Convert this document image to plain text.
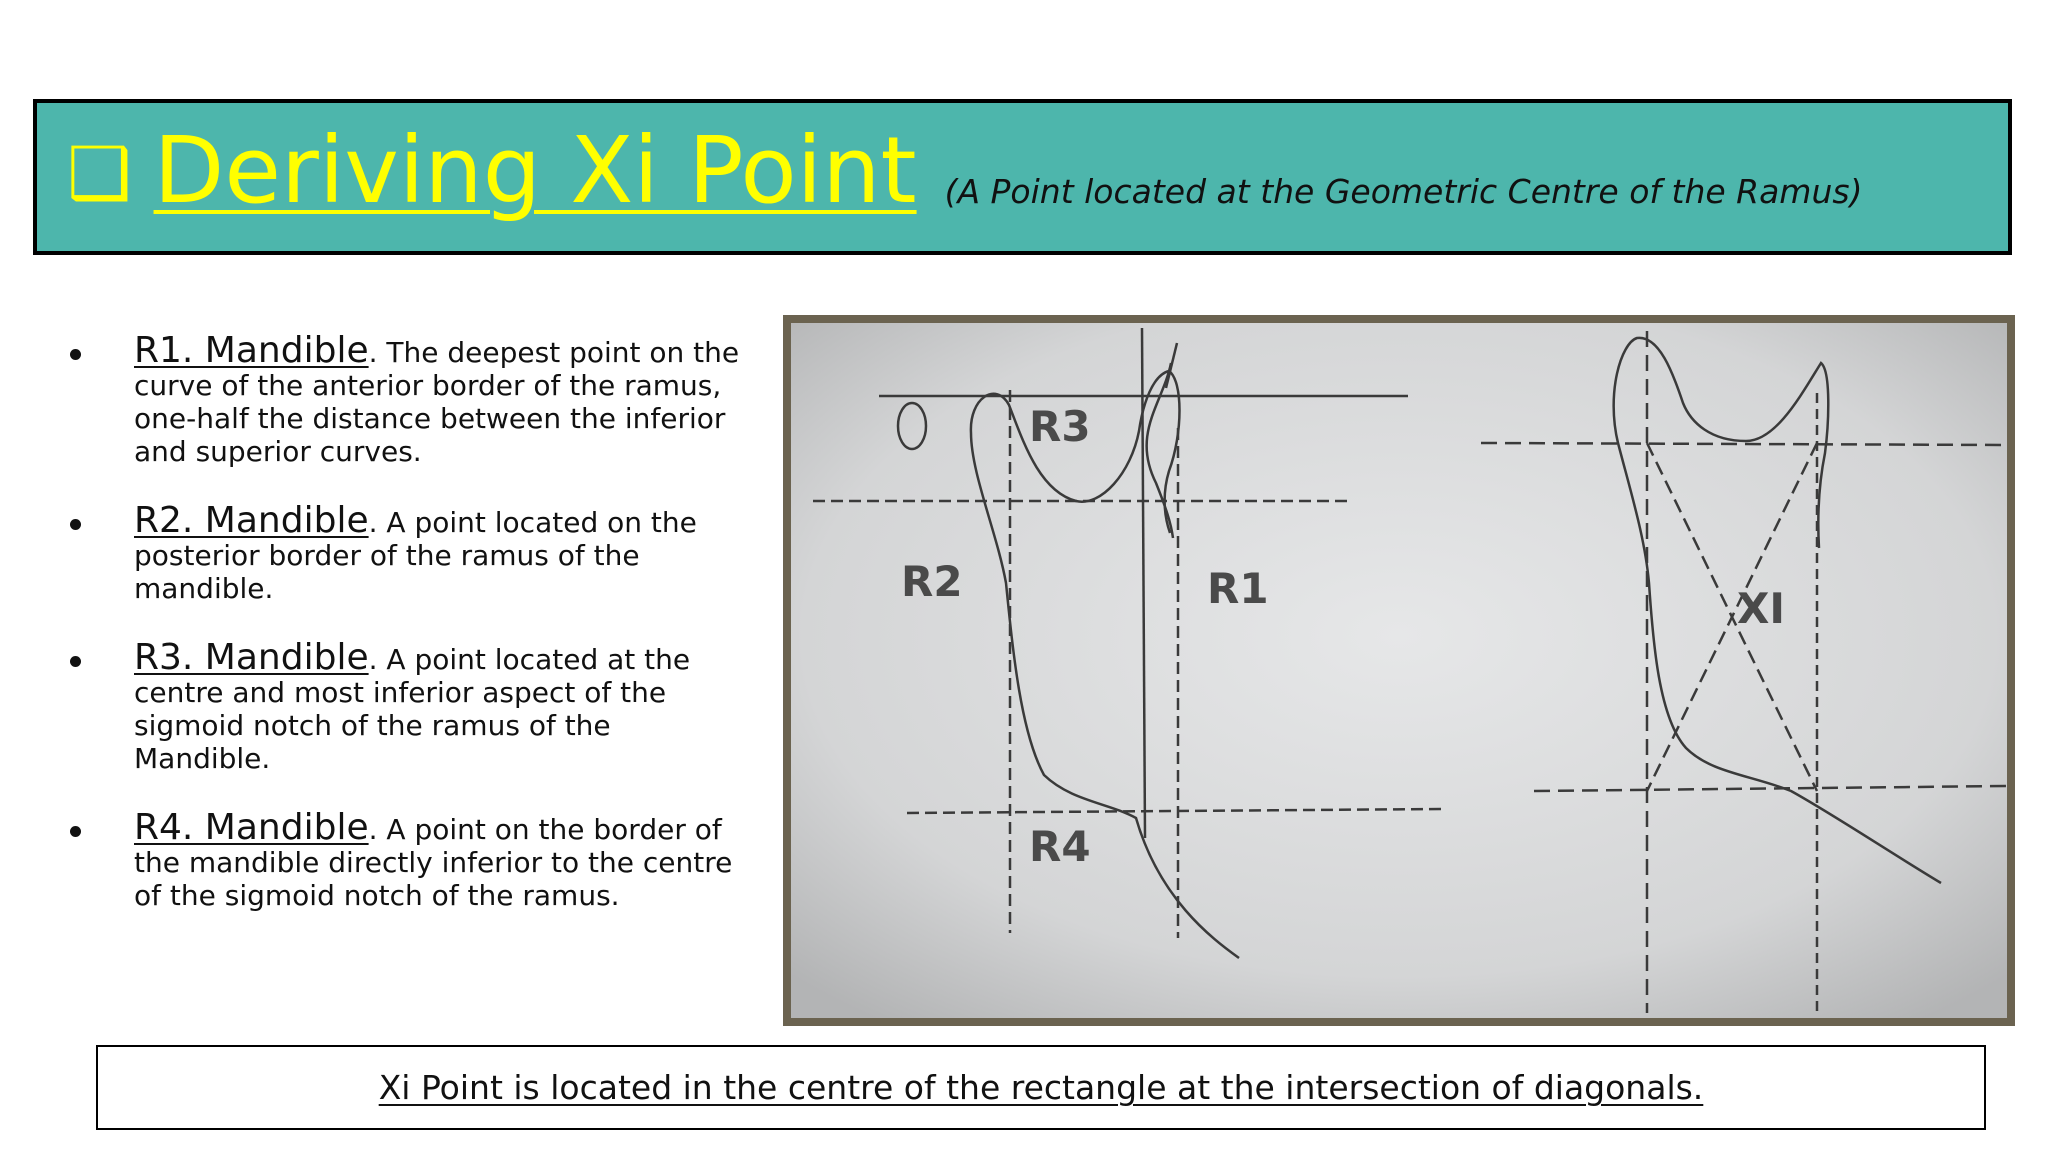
❑ Deriving Xi Point (A Point located at the Geometric Centre of the Ramus)
R1. Mandible. The deepest point on the curve of the anterior border of the ramus, one-half the distance between the inferior and superior curves.
R2. Mandible. A point located on the posterior border of the ramus of the mandible.
R3. Mandible. A point located at the centre and most inferior aspect of the sigmoid notch of the ramus of the Mandible.
R4. Mandible. A point on the border of the mandible directly inferior to the centre of the sigmoid notch of the ramus.
R3
R2	R1
R4
XI
Xi Point is located in the centre of the rectangle at the intersection of diagonals.
